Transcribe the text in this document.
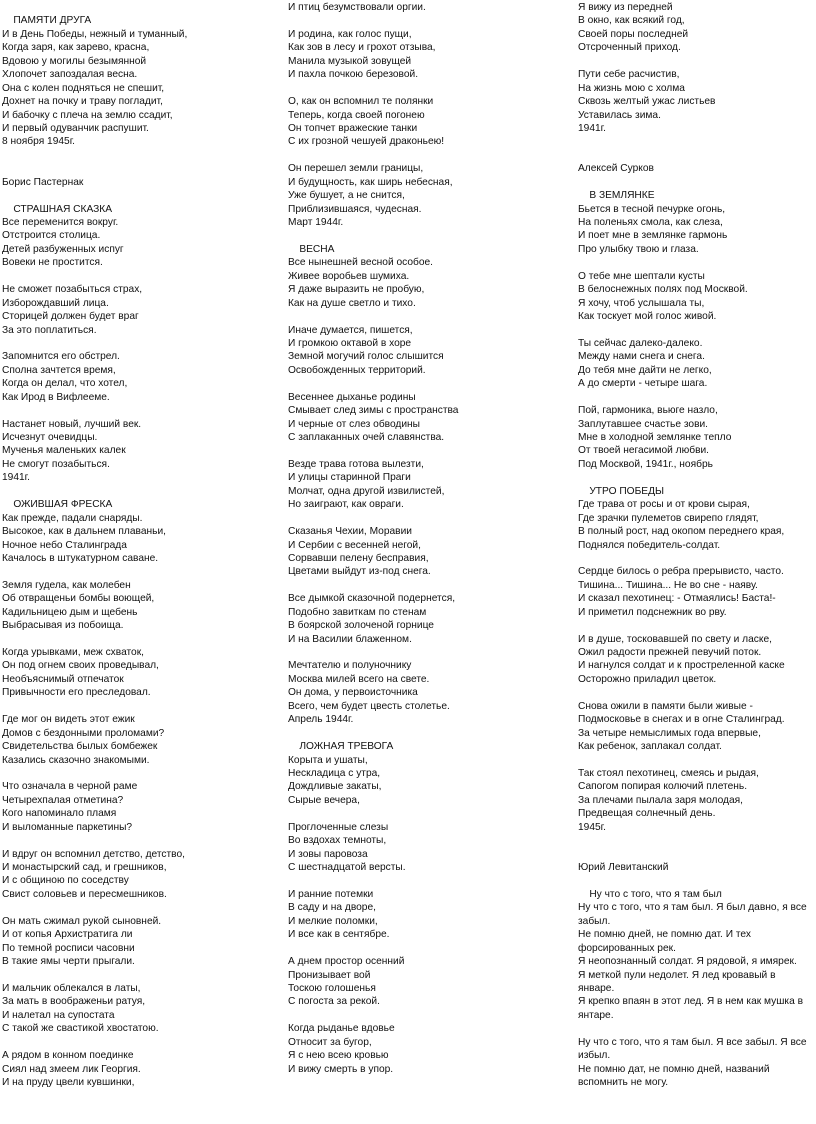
ПАМЯТИ ДРУГА
И в День Победы, нежный и туманный,
Когда заря, как зарево, красна,
Вдовою у могилы безымянной
Хлопочет запоздалая весна.
Она с колен подняться не спешит,
Дохнет на почку и траву погладит,
И бабочку с плеча на землю ссадит,
И первый одуванчик распушит.
8 ноября 1945г.
Борис Пастернак
СТРАШНАЯ СКАЗКА
Все переменится вокруг.
Отстроится столица.
Детей разбуженных испуг
Вовеки не простится.
Не сможет позабыться страх,
Изборождавший лица.
Сторицей должен будет враг
За это поплатиться.
Запомнится его обстрел.
Сполна зачтется время,
Когда он делал, что хотел,
Как Ирод в Вифлееме.
Настанет новый, лучший век.
Исчезнут очевидцы.
Мученья маленьких калек
Не смогут позабыться.
1941г.
ОЖИВШАЯ ФРЕСКА
Как прежде, падали снаряды.
Высокое, как в дальнем плаваньи,
Ночное небо Сталинграда
Качалось в штукатурном саване.
Земля гудела, как молебен
Об отвращеньи бомбы воющей,
Кадильницею дым и щебень
Выбрасывая из побоища.
Когда урывками, меж схваток,
Он под огнем своих проведывал,
Необъяснимый отпечаток
Привычности его преследовал.
Где мог он видеть этот ежик
Домов с бездонными проломами?
Свидетельства былых бомбежек
Казались сказочно знакомыми.
Что означала в черной раме
Четырехпалая отметина?
Кого напоминало пламя
И выломанные паркетины?
И вдруг он вспомнил детство, детство,
И монастырский сад, и грешников,
И с общиною по соседству
Свист соловьев и пересмешников.
Он мать сжимал рукой сыновней.
И от копья Архистратига ли
По темной росписи часовни
В такие ямы черти прыгали.
И мальчик облекался в латы,
За мать в воображеньи ратуя,
И налетал на супостата
С такой же свастикой хвостатою.
А рядом в конном поединке
Сиял над змеем лик Георгия.
И на пруду цвели кувшинки,
И птиц безумствовали оргии.
И родина, как голос пущи,
Как зов в лесу и грохот отзыва,
Манила музыкой зовущей
И пахла почкою березовой.
О, как он вспомнил те полянки
Теперь, когда своей погонею
Он топчет вражеские танки
С их грозной чешуей драконьею!
Он перешел земли границы,
И будущность, как ширь небесная,
Уже бушует, а не снится,
Приблизившаяся, чудесная.
Март 1944г.
ВЕСНА
Все нынешней весной особое.
Живее воробьев шумиха.
Я даже выразить не пробую,
Как на душе светло и тихо.
Иначе думается, пишется,
И громкою октавой в хоре
Земной могучий голос слышится
Освобожденных территорий.
Весеннее дыханье родины
Смывает след зимы с пространства
И черные от слез обводины
С заплаканных очей славянства.
Везде трава готова вылезти,
И улицы старинной Праги
Молчат, одна другой извилистей,
Но заиграют, как овраги.
Сказанья Чехии, Моравии
И Сербии с весенней негой,
Сорвавши пелену бесправия,
Цветами выйдут из-под снега.
Все дымкой сказочной подернется,
Подобно завиткам по стенам
В боярской золоченой горнице
И на Василии блаженном.
Мечтателю и полуночнику
Москва милей всего на свете.
Он дома, у первоисточника
Всего, чем будет цвесть столетье.
Апрель 1944г.
ЛОЖНАЯ ТРЕВОГА
Корыта и ушаты,
Нескладица с утра,
Дождливые закаты,
Сырые вечера,
Проглоченные слезы
Во вздохах темноты,
И зовы паровоза
С шестнадцатой версты.
И ранние потемки
В саду и на дворе,
И мелкие поломки,
И все как в сентябре.
А днем простор осенний
Пронизывает вой
Тоскою голошенья
С погоста за рекой.
Когда рыданье вдовье
Относит за бугор,
Я с нею всею кровью
И вижу смерть в упор.
Я вижу из передней
В окно, как всякий год,
Своей поры последней
Отсроченный приход.
Пути себе расчистив,
На жизнь мою с холма
Сквозь желтый ужас листьев
Уставилась зима.
1941г.
Алексей Сурков
В ЗЕМЛЯНКЕ
Бьется в тесной печурке огонь,
На поленьях смола, как слеза,
И поет мне в землянке гармонь
Про улыбку твою и глаза.
О тебе мне шептали кусты
В белоснежных полях под Москвой.
Я хочу, чтоб услышала ты,
Как тоскует мой голос живой.
Ты сейчас далеко-далеко.
Между нами снега и снега.
До тебя мне дайти не легко,
А до смерти - четыре шага.
Пой, гармоника, вьюге назло,
Заплутавшее счастье зови.
Мне в холодной землянке тепло
От твоей негасимой любви.
Под Москвой, 1941г., ноябрь
УТРО ПОБЕДЫ
Где трава от росы и от крови сырая,
Где зрачки пулеметов свирепо глядят,
В полный рост, над окопом переднего края,
Поднялся победитель-солдат.
Сердце билось о ребра прерывисто, часто.
Тишина... Тишина... Не во сне - наяву.
И сказал пехотинец: - Отмаялись! Баста!-
И приметил подснежник во рву.
И в душе, тосковавшей по свету и ласке,
Ожил радости прежней певучий поток.
И нагнулся солдат и к простреленной каске
Осторожно приладил цветок.
Снова ожили в памяти были живые -
Подмосковье в снегах и в огне Сталинград.
За четыре немыслимых года впервые,
Как ребенок, заплакал солдат.
Так стоял пехотинец, смеясь и рыдая,
Сапогом попирая колючий плетень.
За плечами пылала заря молодая,
Предвещая солнечный день.
1945г.
Юрий Левитанский
Ну что с того, что я там был
Ну что с того, что я там был. Я был давно, я все
забыл.
Не помню дней, не помню дат. И тех
форсированных рек.
Я неопознанный солдат. Я рядовой, я имярек.
Я меткой пули недолет. Я лед кровавый в
январе.
Я крепко впаян в этот лед. Я в нем как мушка в
янтаре.
Ну что с того, что я там был. Я все забыл. Я все
избыл.
Не помню дат, не помню дней, названий
вспомнить не могу.
